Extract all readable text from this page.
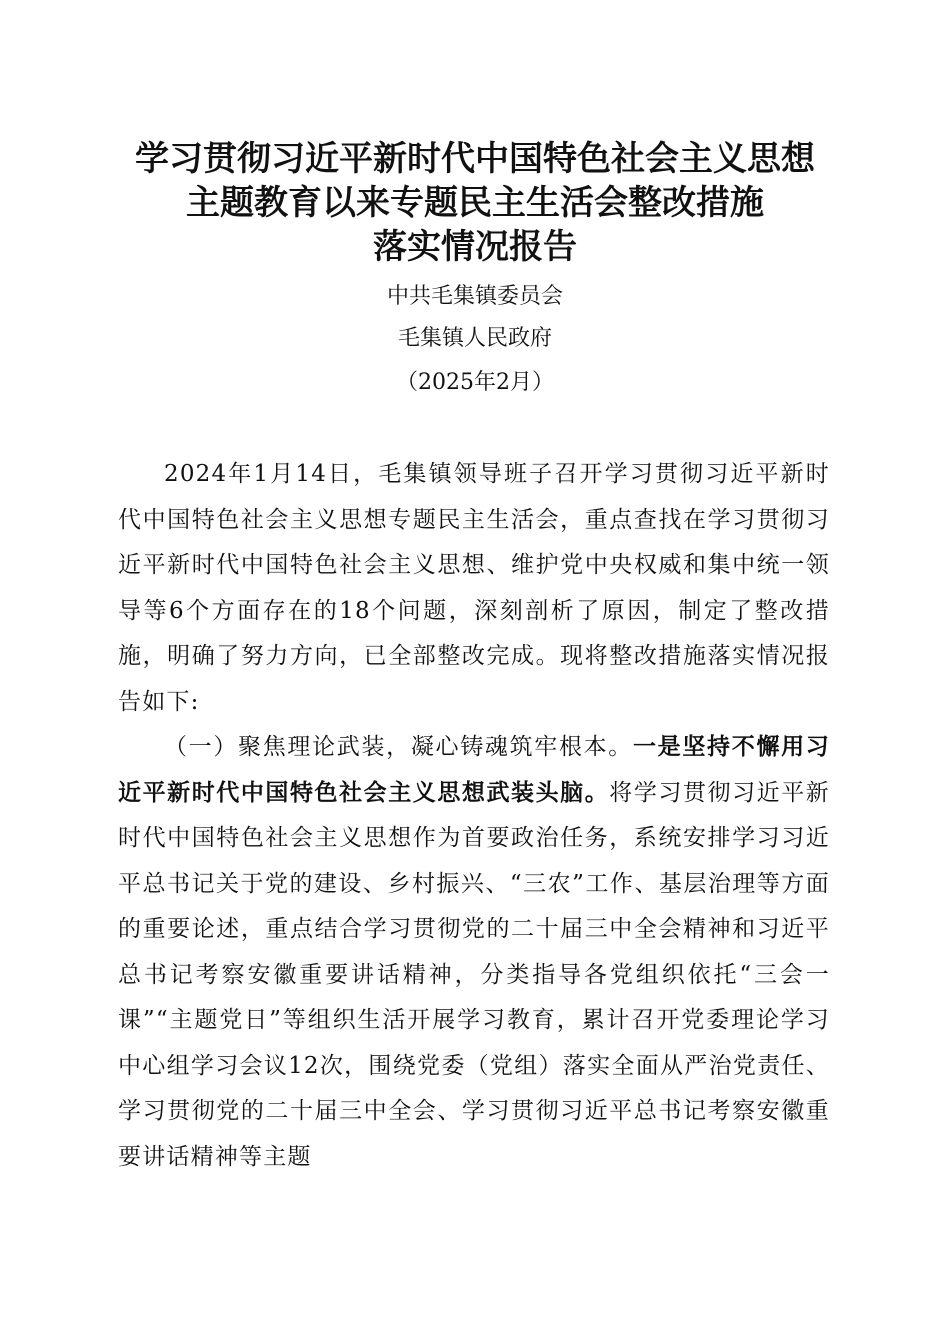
学习贯彻习近平新时代中国特色社会主义思想
主题教育以来专题民主生活会整改措施
落实情况报告
中共毛集镇委员会
毛集镇人民政府
（2025年2月）

2024年1月14日，毛集镇领导班子召开学习贯彻习近平新时代中国特色社会主义思想专题民主生活会，重点查找在学习贯彻习近平新时代中国特色社会主义思想、维护党中央权威和集中统一领导等6个方面存在的18个问题，深刻剖析了原因，制定了整改措施，明确了努力方向，已全部整改完成。现将整改措施落实情况报告如下:

（一）聚焦理论武装，凝心铸魂筑牢根本。一是坚持不懈用习近平新时代中国特色社会主义思想武装头脑。将学习贯彻习近平新时代中国特色社会主义思想作为首要政治任务，系统安排学习习近平总书记关于党的建设、乡村振兴、“三农”工作、基层治理等方面的重要论述，重点结合学习贯彻党的二十届三中全会精神和习近平总书记考察安徽重要讲话精神，分类指导各党组织依托“三会一课”“主题党日”等组织生活开展学习教育，累计召开党委理论学习中心组学习会议12次，围绕党委（党组）落实全面从严治党责任、学习贯彻党的二十届三中全会、学习贯彻习近平总书记考察安徽重要讲话精神等主题
